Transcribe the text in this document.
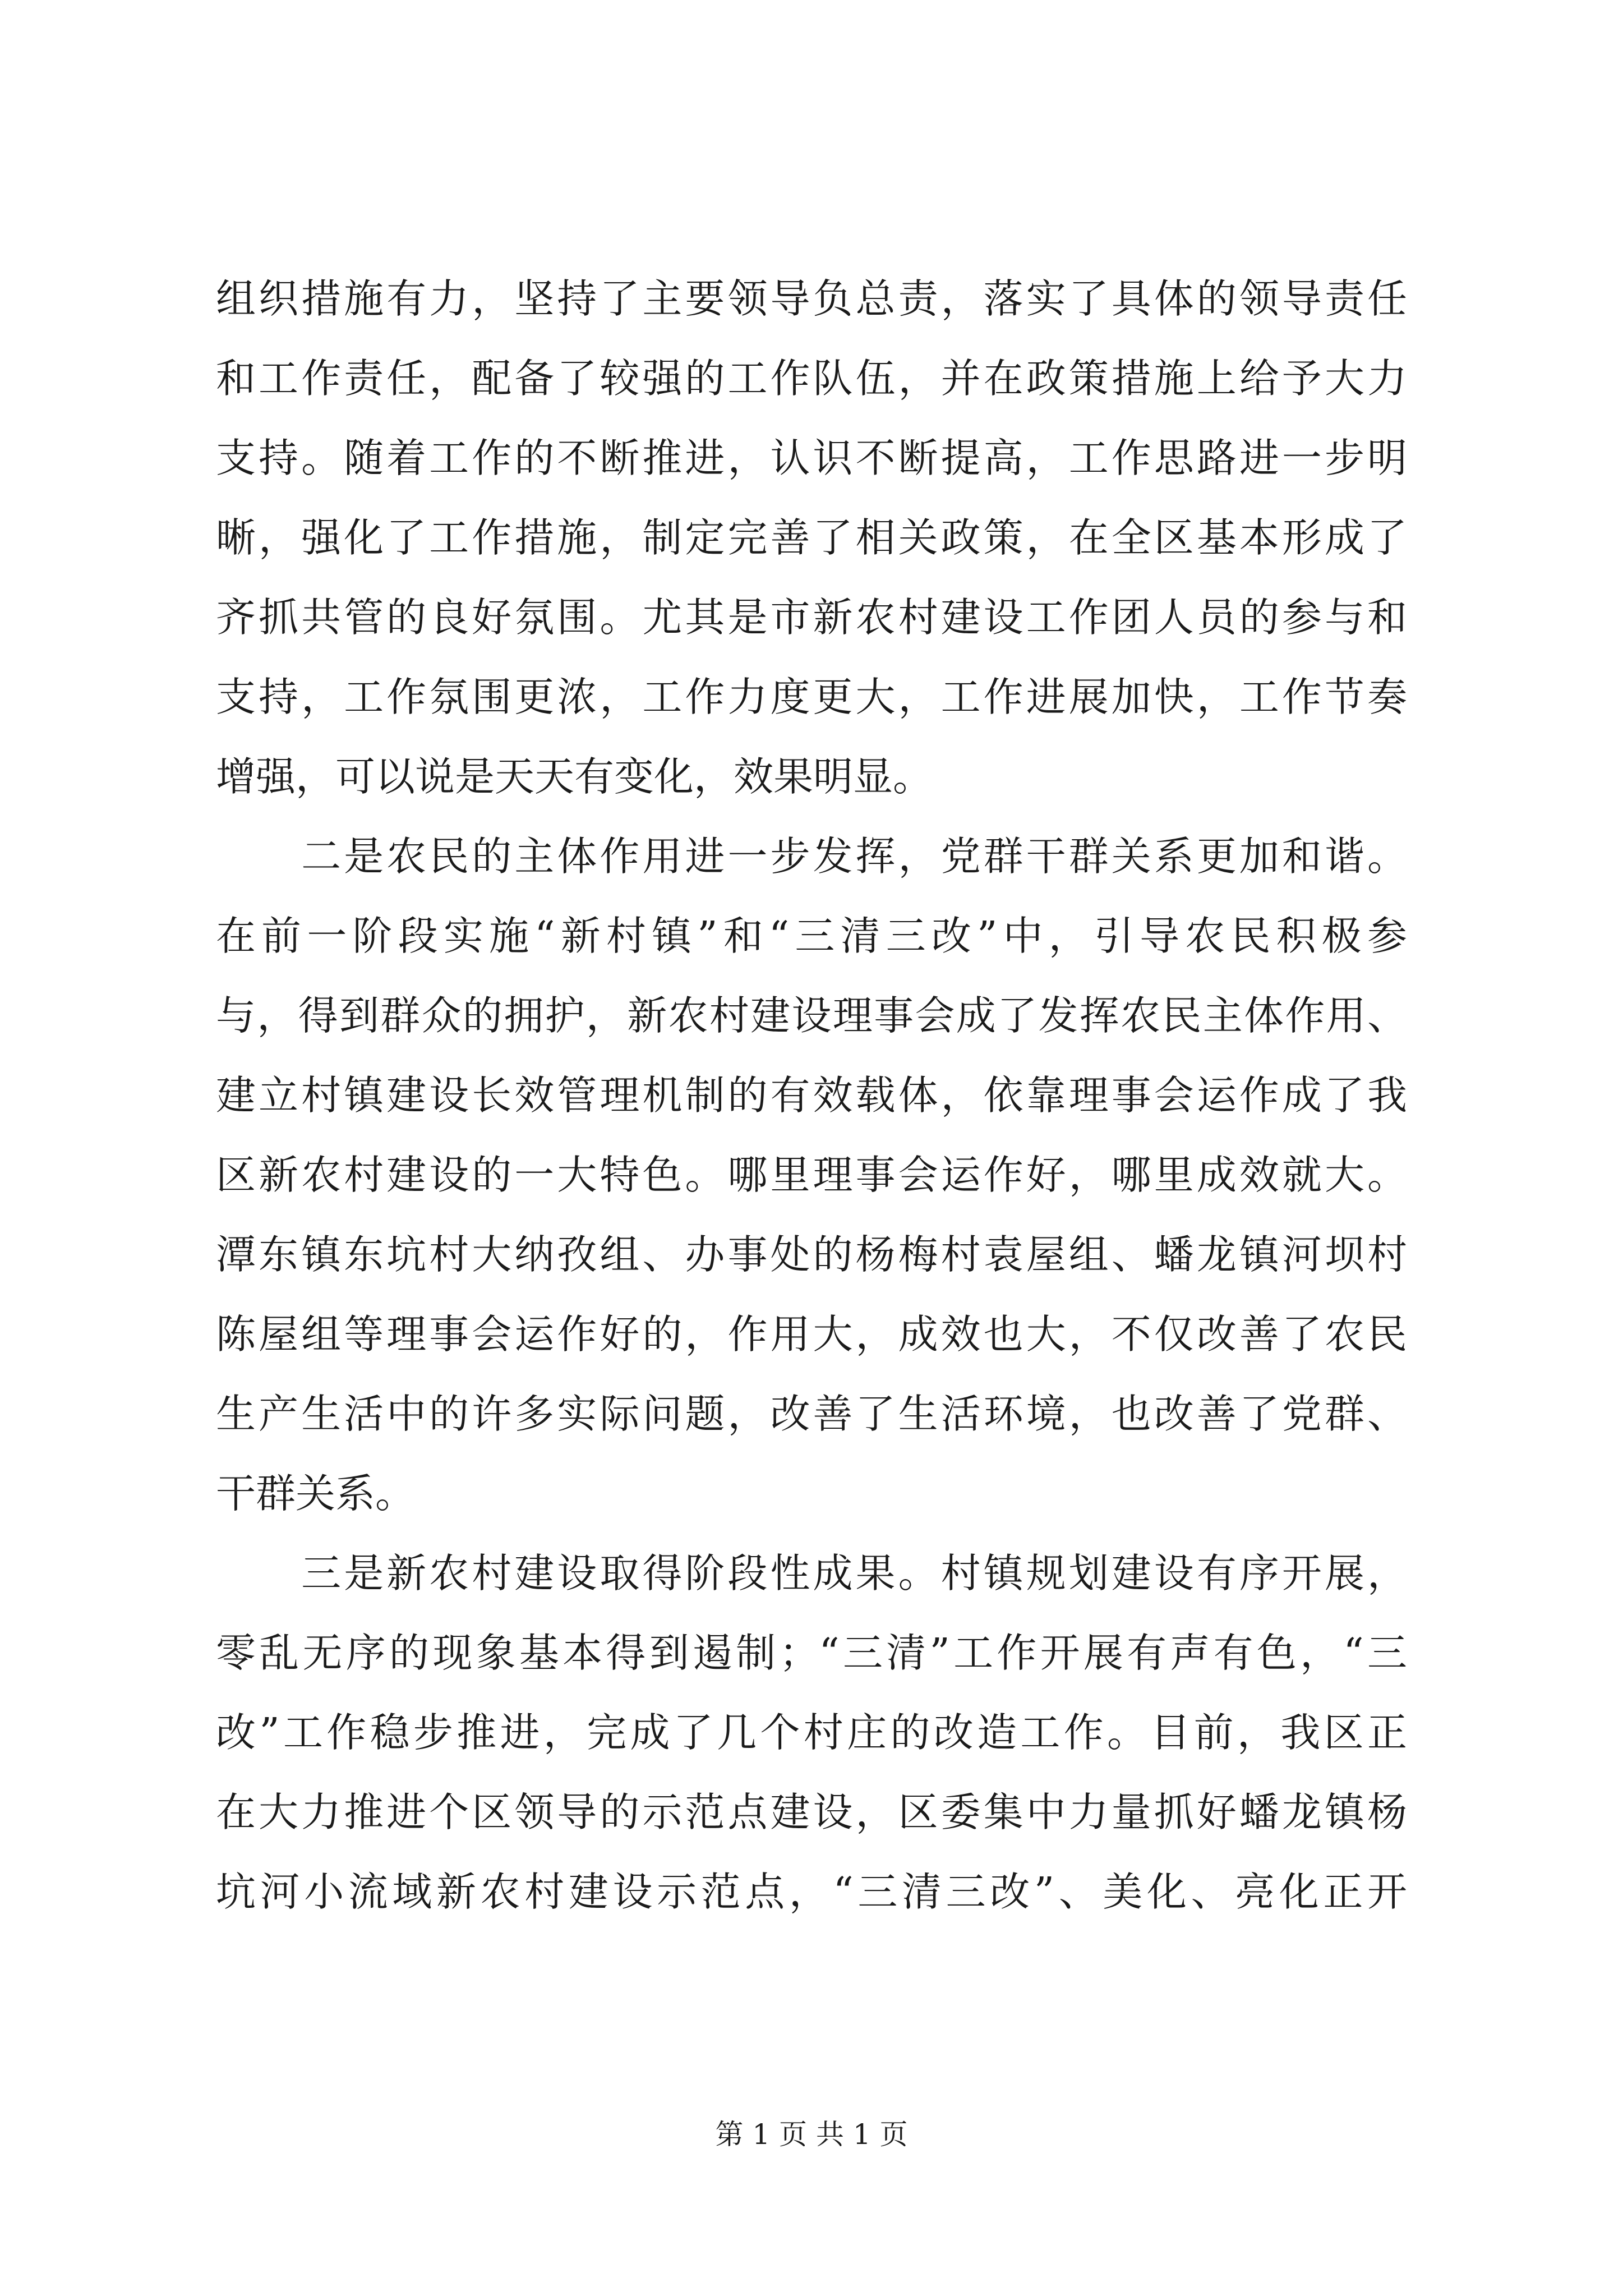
组织措施有力，坚持了主要领导负总责，落实了具体的领导责任
和工作责任，配备了较强的工作队伍，并在政策措施上给予大力
支持。随着工作的不断推进，认识不断提高，工作思路进一步明
晰，强化了工作措施，制定完善了相关政策，在全区基本形成了
齐抓共管的良好氛围。尤其是市新农村建设工作团人员的参与和
支持，工作氛围更浓，工作力度更大，工作进展加快，工作节奏
增强，可以说是天天有变化，效果明显。
　　二是农民的主体作用进一步发挥，党群干群关系更加和谐。
在前一阶段实施“新村镇”和“三清三改”中，引导农民积极参
与，得到群众的拥护，新农村建设理事会成了发挥农民主体作用、
建立村镇建设长效管理机制的有效载体，依靠理事会运作成了我
区新农村建设的一大特色。哪里理事会运作好，哪里成效就大。
潭东镇东坑村大纳孜组、办事处的杨梅村袁屋组、蟠龙镇河坝村
陈屋组等理事会运作好的，作用大，成效也大，不仅改善了农民
生产生活中的许多实际问题，改善了生活环境，也改善了党群、
干群关系。
　　三是新农村建设取得阶段性成果。村镇规划建设有序开展，
零乱无序的现象基本得到遏制；“三清”工作开展有声有色，“三
改”工作稳步推进，完成了几个村庄的改造工作。目前，我区正
在大力推进个区领导的示范点建设，区委集中力量抓好蟠龙镇杨
坑河小流域新农村建设示范点，“三清三改”、美化、亮化正开
第 1 页 共 1 页
